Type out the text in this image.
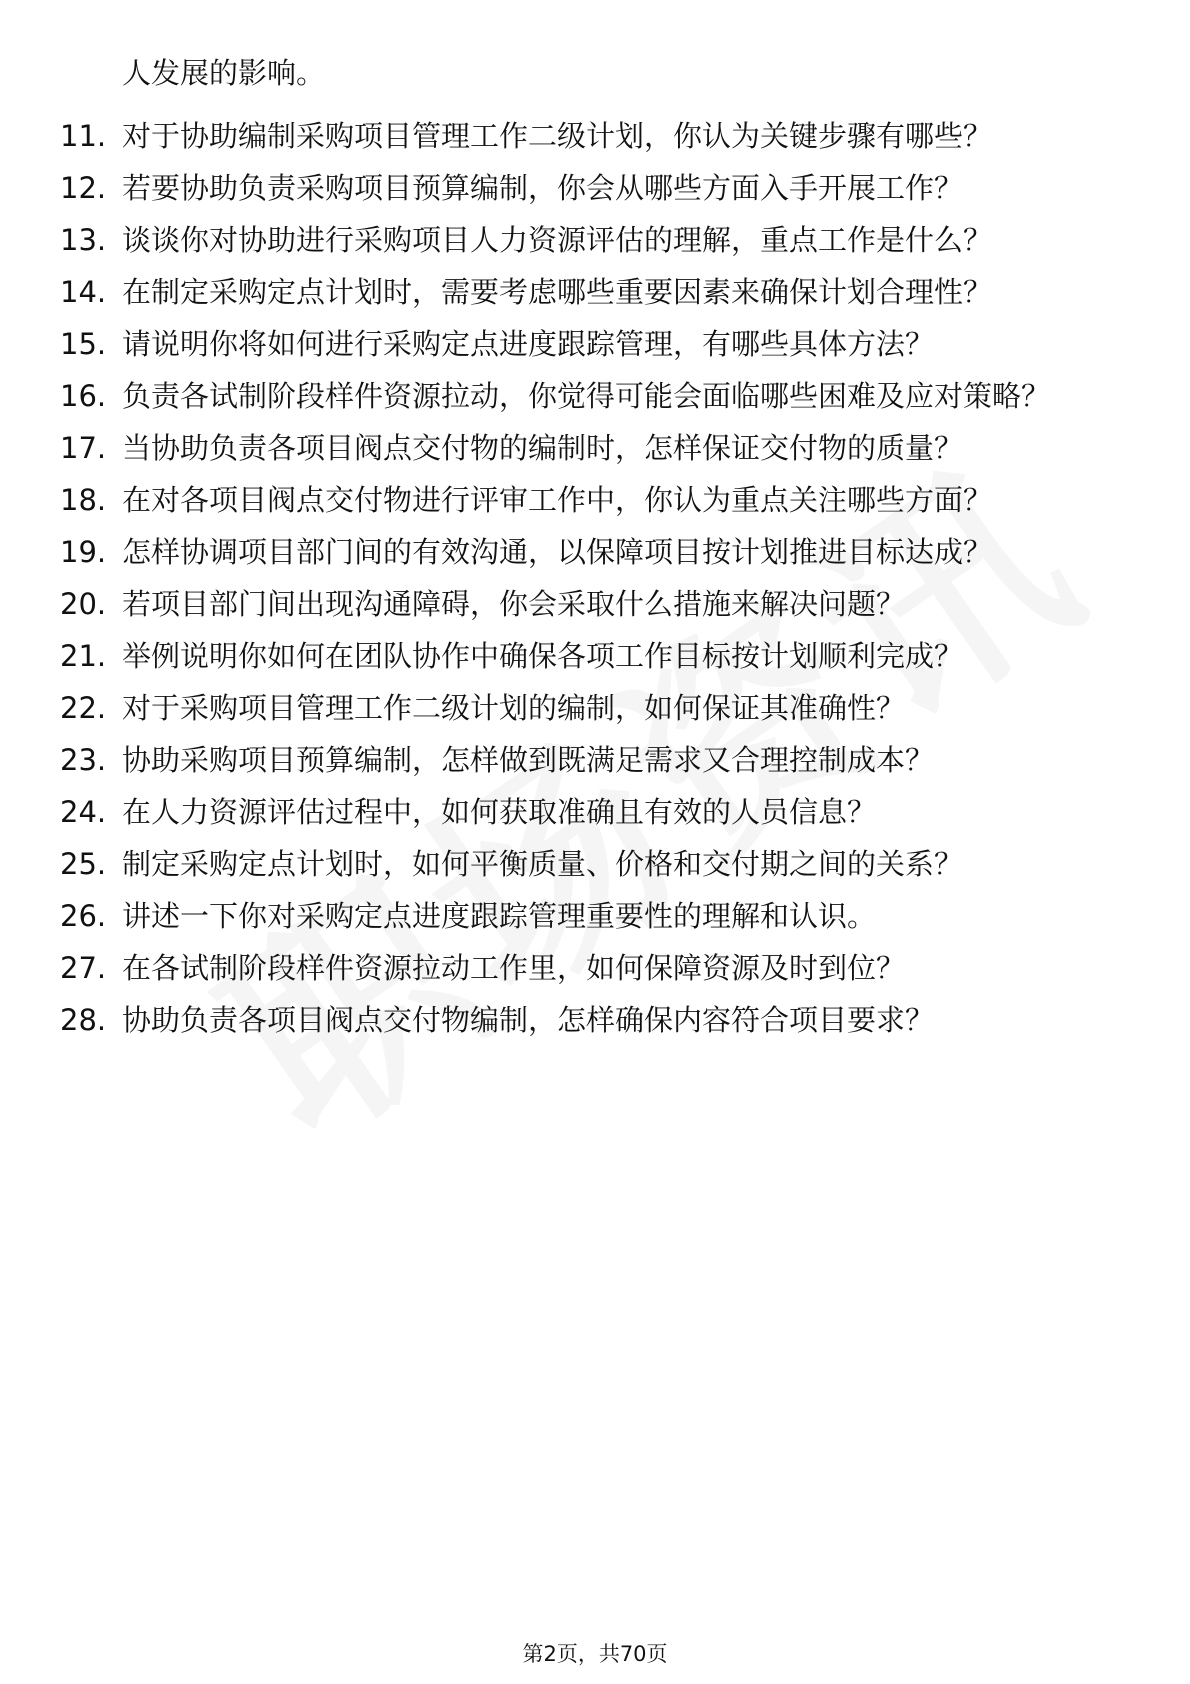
人发展的影响。
11. 对于协助编制采购项目管理工作二级计划，你认为关键步骤有哪些？
12. 若要协助负责采购项目预算编制，你会从哪些方面入手开展工作？
13. 谈谈你对协助进行采购项目人力资源评估的理解，重点工作是什么？
14. 在制定采购定点计划时，需要考虑哪些重要因素来确保计划合理性？
15. 请说明你将如何进行采购定点进度跟踪管理，有哪些具体方法？
16. 负责各试制阶段样件资源拉动，你觉得可能会面临哪些困难及应对策略？
17. 当协助负责各项目阀点交付物的编制时，怎样保证交付物的质量？
18. 在对各项目阀点交付物进行评审工作中，你认为重点关注哪些方面？
19. 怎样协调项目部门间的有效沟通，以保障项目按计划推进目标达成？
20. 若项目部门间出现沟通障碍，你会采取什么措施来解决问题？
21. 举例说明你如何在团队协作中确保各项工作目标按计划顺利完成？
22. 对于采购项目管理工作二级计划的编制，如何保证其准确性？
23. 协助采购项目预算编制，怎样做到既满足需求又合理控制成本？
24. 在人力资源评估过程中，如何获取准确且有效的人员信息？
25. 制定采购定点计划时，如何平衡质量、价格和交付期之间的关系？
26. 讲述一下你对采购定点进度跟踪管理重要性的理解和认识。
27. 在各试制阶段样件资源拉动工作里，如何保障资源及时到位？
28. 协助负责各项目阀点交付物编制，怎样确保内容符合项目要求？
第2页，共70页
